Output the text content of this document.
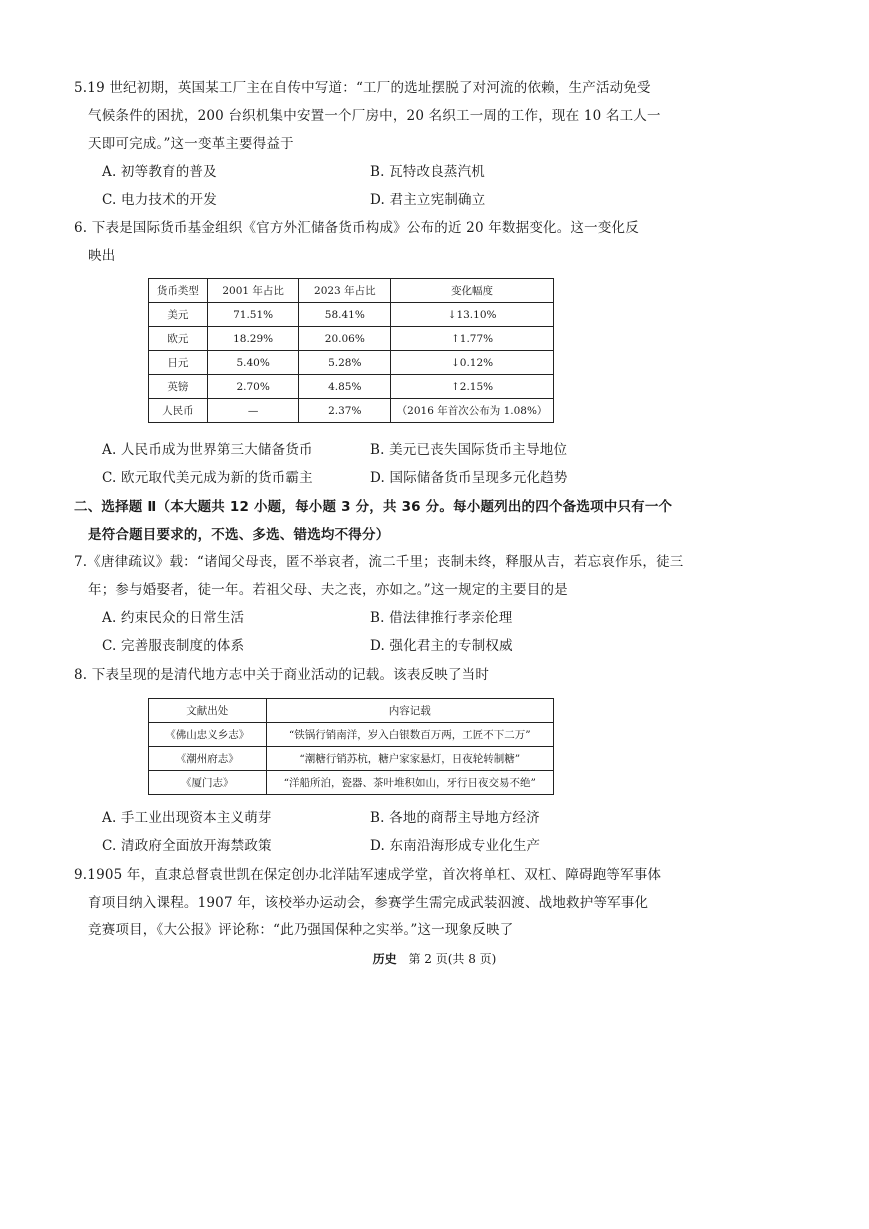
5.19 世纪初期，英国某工厂主在自传中写道：“工厂的选址摆脱了对河流的依赖，生产活动免受
气候条件的困扰，200 台织机集中安置一个厂房中，20 名织工一周的工作，现在 10 名工人一
天即可完成。”这一变革主要得益于
A. 初等教育的普及	B. 瓦特改良蒸汽机
C. 电力技术的开发	D. 君主立宪制确立
6. 下表是国际货币基金组织《官方外汇储备货币构成》公布的近 20 年数据变化。这一变化反
映出
货币类型	2001 年占比	2023 年占比	变化幅度
美元	71.51%	58.41%	↓13.10%
欧元	18.29%	20.06%	↑1.77%
日元	5.40%	5.28%	↓0.12%
英镑	2.70%	4.85%	↑2.15%
人民币	—	2.37%	（2016 年首次公布为 1.08%）
A. 人民币成为世界第三大储备货币	B. 美元已丧失国际货币主导地位
C. 欧元取代美元成为新的货币霸主	D. 国际储备货币呈现多元化趋势
二、选择题 Ⅱ（本大题共 12 小题，每小题 3 分，共 36 分。每小题列出的四个备选项中只有一个
是符合题目要求的，不选、多选、错选均不得分）
7.《唐律疏议》载：“诸闻父母丧，匿不举哀者，流二千里；丧制未终，释服从吉，若忘哀作乐，徒三
年；参与婚娶者，徒一年。若祖父母、夫之丧，亦如之。”这一规定的主要目的是
A. 约束民众的日常生活	B. 借法律推行孝亲伦理
C. 完善服丧制度的体系	D. 强化君主的专制权威
8. 下表呈现的是清代地方志中关于商业活动的记载。该表反映了当时
文献出处	内容记载
《佛山忠义乡志》	“铁锅行销南洋，岁入白银数百万两，工匠不下二万”
《潮州府志》	“潮糖行销苏杭，糖户家家悬灯，日夜轮转制糖”
《厦门志》	“洋船所泊，瓷器、茶叶堆积如山，牙行日夜交易不绝”
A. 手工业出现资本主义萌芽	B. 各地的商帮主导地方经济
C. 清政府全面放开海禁政策	D. 东南沿海形成专业化生产
9.1905 年，直隶总督袁世凯在保定创办北洋陆军速成学堂，首次将单杠、双杠、障碍跑等军事体
育项目纳入课程。1907 年，该校举办运动会，参赛学生需完成武装泅渡、战地救护等军事化
竞赛项目，《大公报》评论称：“此乃强国保种之实举。”这一现象反映了
历史 第 2 页(共 8 页)
